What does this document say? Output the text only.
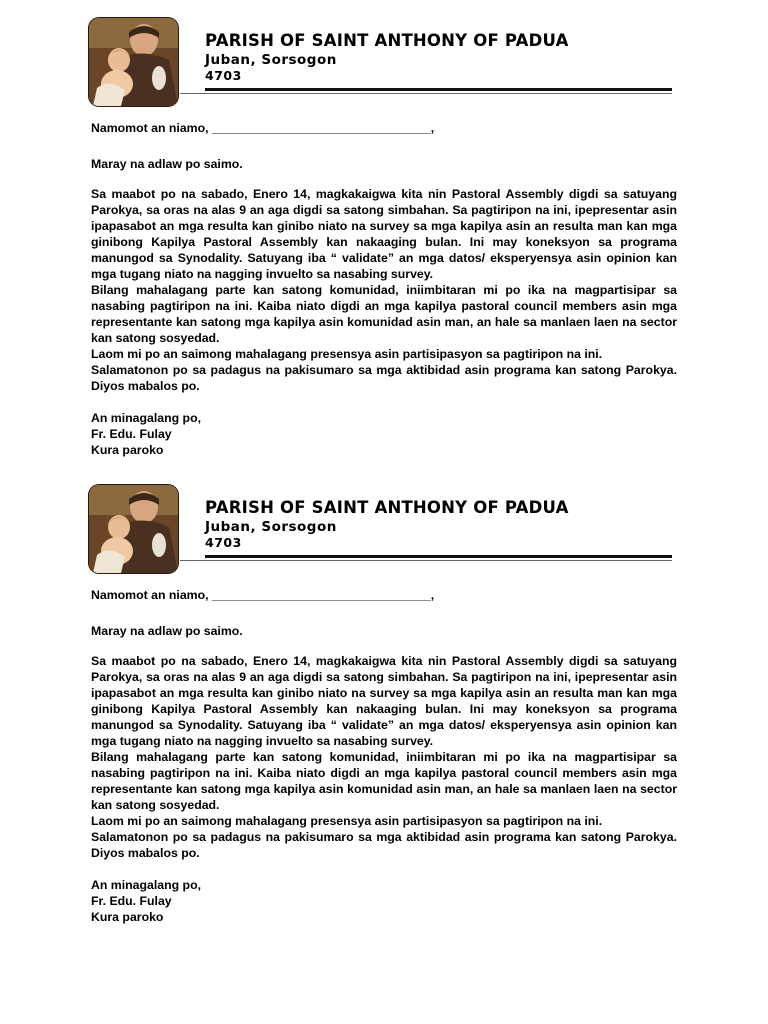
PARISH OF SAINT ANTHONY OF PADUA
Juban, Sorsogon
4703
Namomot an niamo, ________________________________,
Maray na adlaw po saimo.

Sa maabot po na sabado, Enero 14, magkakaigwa kita nin Pastoral Assembly digdi sa satuyang Parokya, sa oras na alas 9 an aga digdi sa satong simbahan. Sa pagtiripon na ini, ipepresentar asin ipapasabot an mga resulta kan ginibo niato na survey sa mga kapilya asin an resulta man kan mga ginibong Kapilya Pastoral Assembly kan nakaaging bulan. Ini may koneksyon sa programa manungod sa Synodality. Satuyang iba “ validate” an mga datos/ eksperyensya asin opinion kan mga tugang niato na nagging invuelto sa nasabing survey.

Bilang mahalagang parte kan satong komunidad, iniimbitaran mi po ika na magpartisipar sa nasabing pagtiripon na ini. Kaiba niato digdi an mga kapilya pastoral council members asin mga representante kan satong mga kapilya asin komunidad asin man, an hale sa manlaen laen na sector kan satong sosyedad.

Laom mi po an saimong mahalagang presensya asin partisipasyon sa pagtiripon na ini.

Salamatonon po sa padagus na pakisumaro sa mga aktibidad asin programa kan satong Parokya. Diyos mabalos po.

An minagalang po,
Fr. Edu. Fulay
Kura paroko
PARISH OF SAINT ANTHONY OF PADUA
Juban, Sorsogon
4703
Namomot an niamo, ________________________________,
Maray na adlaw po saimo.

Sa maabot po na sabado, Enero 14, magkakaigwa kita nin Pastoral Assembly digdi sa satuyang Parokya, sa oras na alas 9 an aga digdi sa satong simbahan. Sa pagtiripon na ini, ipepresentar asin ipapasabot an mga resulta kan ginibo niato na survey sa mga kapilya asin an resulta man kan mga ginibong Kapilya Pastoral Assembly kan nakaaging bulan. Ini may koneksyon sa programa manungod sa Synodality. Satuyang iba “ validate” an mga datos/ eksperyensya asin opinion kan mga tugang niato na nagging invuelto sa nasabing survey.

Bilang mahalagang parte kan satong komunidad, iniimbitaran mi po ika na magpartisipar sa nasabing pagtiripon na ini. Kaiba niato digdi an mga kapilya pastoral council members asin mga representante kan satong mga kapilya asin komunidad asin man, an hale sa manlaen laen na sector kan satong sosyedad.

Laom mi po an saimong mahalagang presensya asin partisipasyon sa pagtiripon na ini.

Salamatonon po sa padagus na pakisumaro sa mga aktibidad asin programa kan satong Parokya. Diyos mabalos po.

An minagalang po,
Fr. Edu. Fulay
Kura paroko
